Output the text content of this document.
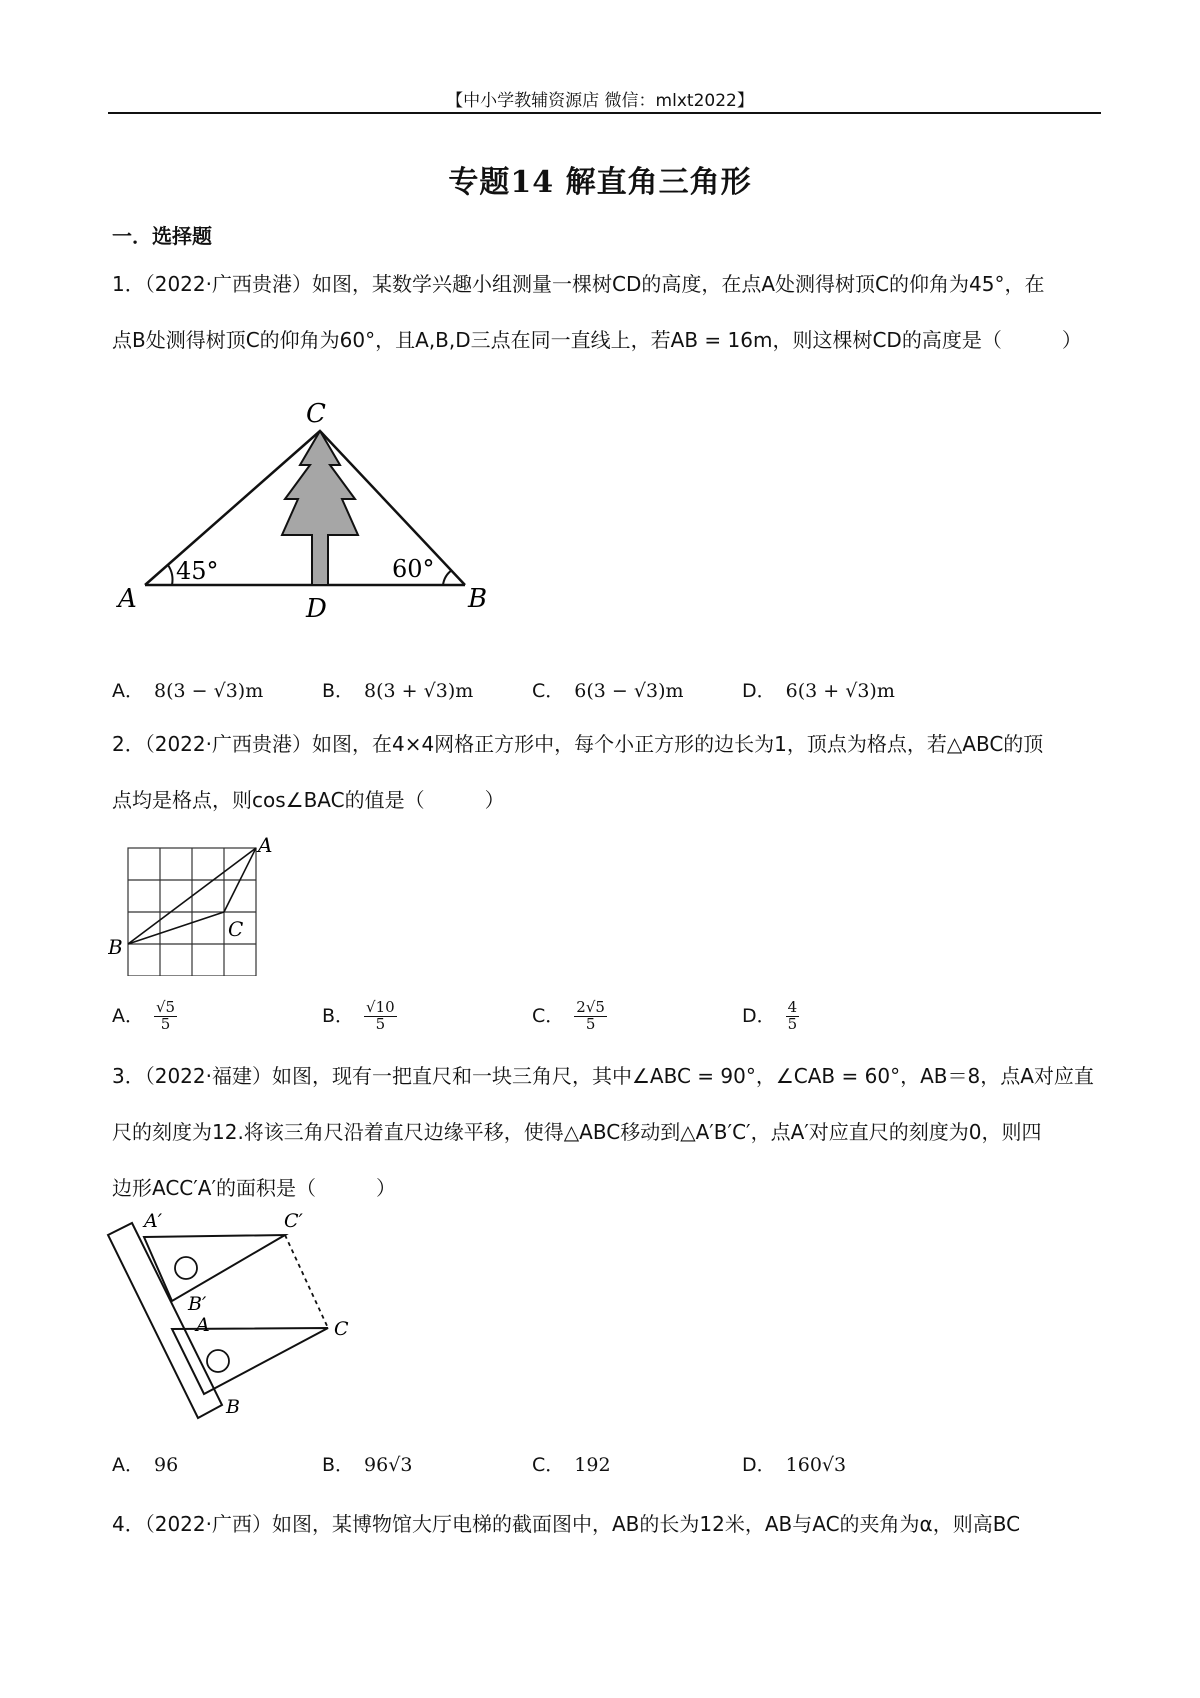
【中小学教辅资源店 微信：mlxt2022】
专题14 解直角三角形
一．选择题
1．（2022·广西贵港）如图，某数学兴趣小组测量一棵树CD的高度，在点A处测得树顶C的仰角为45°，在
点B处测得树顶C的仰角为60°，且A,B,D三点在同一直线上，若AB = 16m，则这棵树CD的高度是（　　　）
C
A	B
D
45°	60°
A． 8(3 − √3)m	B． 8(3 + √3)m	C． 6(3 − √3)m	D． 6(3 + √3)m
2．（2022·广西贵港）如图，在4×4网格正方形中，每个小正方形的边长为1，顶点为格点，若△ABC的顶
点均是格点，则cos∠BAC的值是（　　　）
A
B
C
A． $\frac{√5}{5}$	B． $\frac{√10}{5}$	C． $\frac{2√5}{5}$	D． $\frac{4}{5}$
3．（2022·福建）如图，现有一把直尺和一块三角尺，其中∠ABC = 90°，∠CAB = 60°，AB＝8，点A对应直
尺的刻度为12.将该三角尺沿着直尺边缘平移，使得△ABC移动到△A′B′C′，点A′对应直尺的刻度为0，则四
边形ACC′A′的面积是（　　　）
A′	C′
B′
A	C
B
A． 96	B． 96√3	C． 192	D． 160√3
4．（2022·广西）如图，某博物馆大厅电梯的截面图中，AB的长为12米，AB与AC的夹角为α，则高BC
